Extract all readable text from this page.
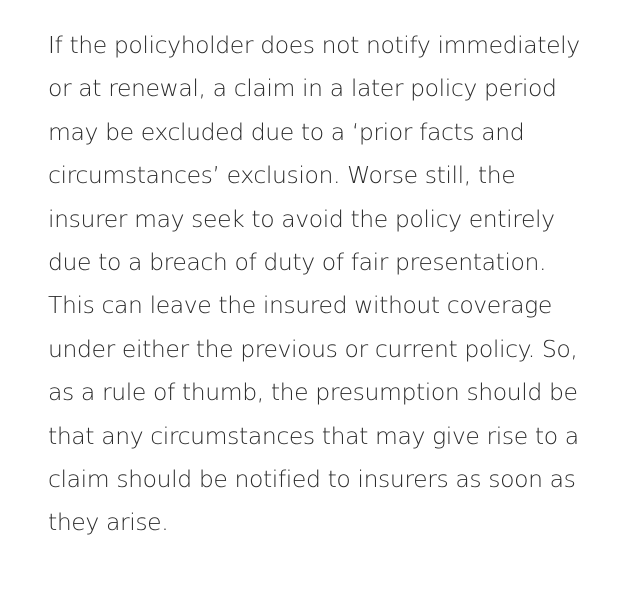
If the policyholder does not notify immediately
or at renewal, a claim in a later policy period
may be excluded due to a ‘prior facts and
circumstances’ exclusion. Worse still, the
insurer may seek to avoid the policy entirely
due to a breach of duty of fair presentation.
This can leave the insured without coverage
under either the previous or current policy. So,
as a rule of thumb, the presumption should be
that any circumstances that may give rise to a
claim should be notified to insurers as soon as
they arise.
